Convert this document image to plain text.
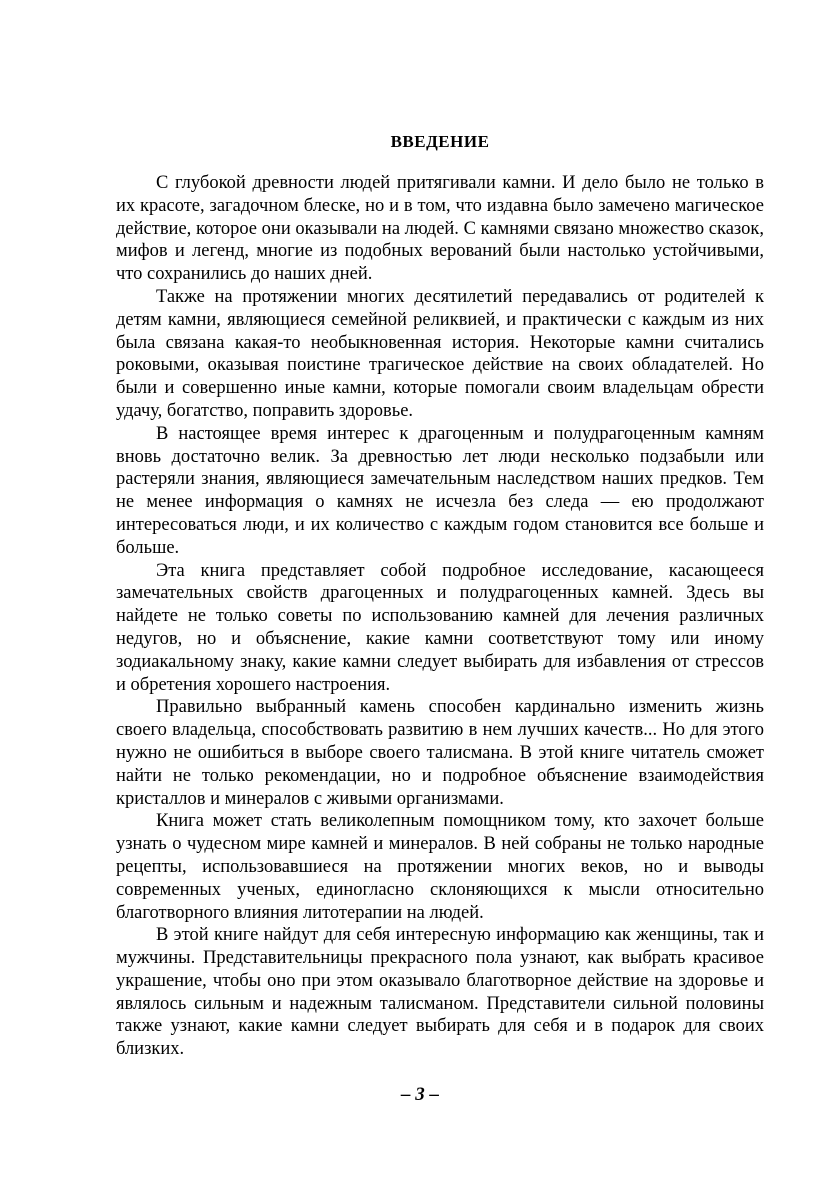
ВВЕДЕНИЕ

С глубокой древности людей притягивали камни. И дело было не только в их красоте, загадочном блеске, но и в том, что издавна было замечено магическое действие, которое они оказывали на людей. С камнями связано множество сказок, мифов и легенд, многие из подобных верований были настолько устойчивыми, что сохранились до наших дней.

Также на протяжении многих десятилетий передавались от родителей к детям камни, являющиеся семейной реликвией, и практически с каждым из них была связана какая-то необыкновенная история. Некоторые камни считались роковыми, оказывая поистине трагическое действие на своих обладателей. Но были и совершенно иные камни, которые помогали своим владельцам обрести удачу, богатство, поправить здоровье.

В настоящее время интерес к драгоценным и полудрагоценным камням вновь достаточно велик. За древностью лет люди несколько подзабыли или растеряли знания, являющиеся замечательным наследством наших предков. Тем не менее информация о камнях не исчезла без следа — ею продолжают интересоваться люди, и их количество с каждым годом становится все больше и больше.

Эта книга представляет собой подробное исследование, касающееся замечательных свойств драгоценных и полудрагоценных камней. Здесь вы найдете не только советы по использованию камней для лечения различных недугов, но и объяснение, какие камни соответствуют тому или иному зодиакальному знаку, какие камни следует выбирать для избавления от стрессов и обретения хорошего настроения.

Правильно выбранный камень способен кардинально изменить жизнь своего владельца, способствовать развитию в нем лучших качеств... Но для этого нужно не ошибиться в выборе своего талисмана. В этой книге читатель сможет найти не только рекомендации, но и подробное объяснение взаимодействия кристаллов и минералов с живыми организмами.

Книга может стать великолепным помощником тому, кто захочет больше узнать о чудесном мире камней и минералов. В ней собраны не только народные рецепты, использовавшиеся на протяжении многих веков, но и выводы современных ученых, единогласно склоняющихся к мысли относительно благотворного влияния литотерапии на людей.

В этой книге найдут для себя интересную информацию как женщины, так и мужчины. Представительницы прекрасного пола узнают, как выбрать красивое украшение, чтобы оно при этом оказывало благотворное действие на здоровье и являлось сильным и надежным талисманом. Представители сильной половины также узнают, какие камни следует выбирать для себя и в подарок для своих близких.

– 3 –
